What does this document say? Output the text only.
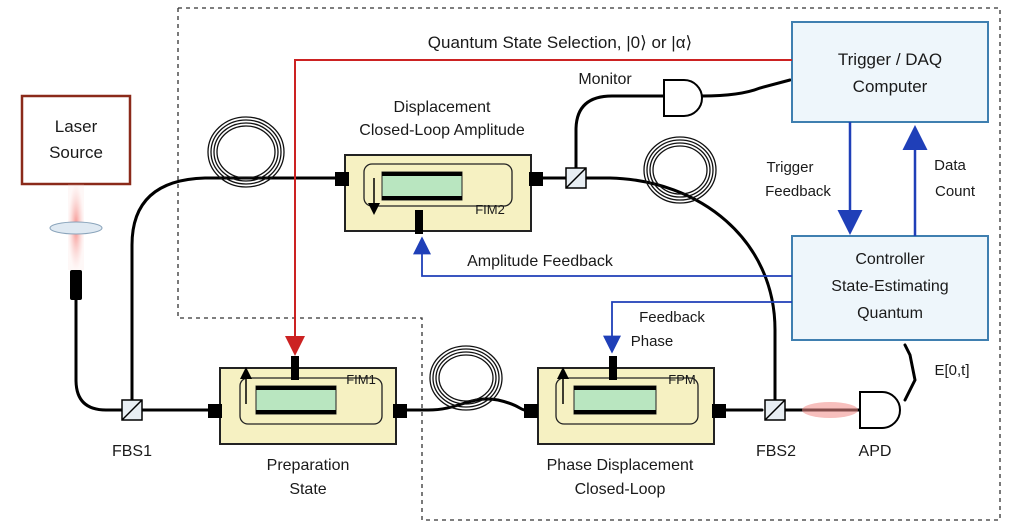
Laser
Source
FIM2
Closed-Loop Amplitude
Displacement
FIM1
Preparation
State
FPM
Phase Displacement
Closed-Loop
FBS1	FBS2
Monitor
APD
Trigger / DAQ
Computer
Controller
State-Estimating
Quantum
Quantum State Selection, |0⟩ or |α⟩
Feedback
Trigger
Count
Data
Amplitude Feedback
Feedback
Phase
E[0,t]
